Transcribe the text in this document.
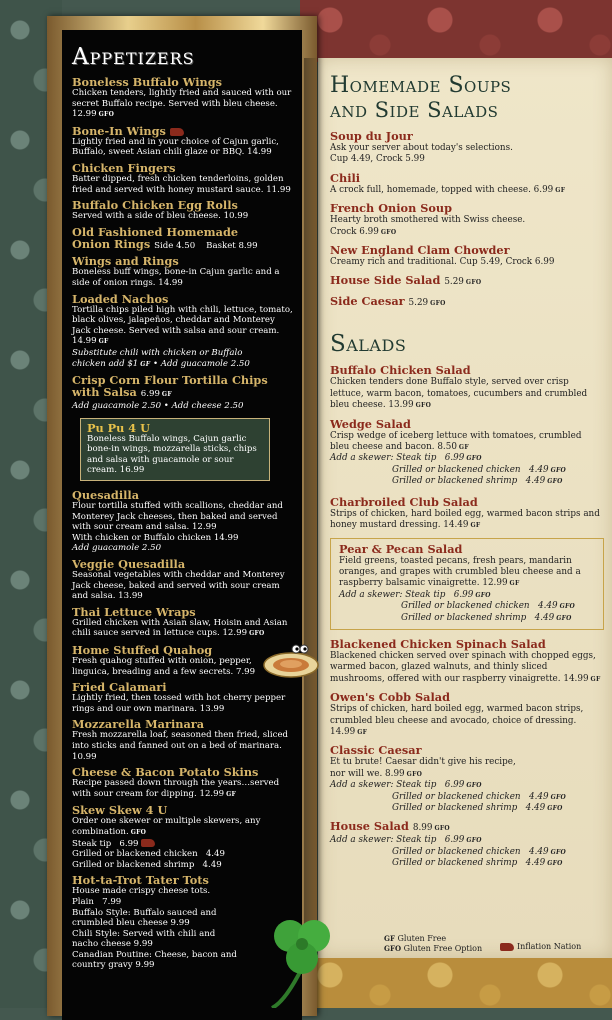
Appetizers
Boneless Buffalo Wings
Chicken tenders, lightly fried and sauced with our secret Buffalo recipe. Served with bleu cheese. 12.99 GFO
Bone-In Wings
Lightly fried and in your choice of Cajun garlic, Buffalo, sweet Asian chili glaze or BBQ. 14.99
Chicken Fingers
Batter dipped, fresh chicken tenderloins, golden fried and served with honey mustard sauce. 11.99
Buffalo Chicken Egg Rolls
Served with a side of bleu cheese. 10.99
Old Fashioned Homemade
Onion Rings Side 4.50    Basket 8.99
Wings and Rings
Boneless buff wings, bone-in Cajun garlic and a side of onion rings. 14.99
Loaded Nachos
Tortilla chips piled high with chili, lettuce, tomato, black olives, jalapeños, cheddar and Monterey Jack cheese. Served with salsa and sour cream. 14.99 GF
Substitute chili with chicken or Buffalo
chicken add $1 GF • Add guacamole 2.50
Crisp Corn Flour Tortilla Chips
with Salsa 6.99 GF
Add guacamole 2.50 • Add cheese 2.50
Pu Pu 4 U
Boneless Buffalo wings, Cajun garlic bone-in wings, mozzarella sticks, chips and salsa with guacamole or sour cream. 16.99
Quesadilla
Flour tortilla stuffed with scallions, cheddar and Monterey Jack cheeses, then baked and served with sour cream and salsa. 12.99
With chicken or Buffalo chicken 14.99
Add guacamole 2.50
Veggie Quesadilla
Seasonal vegetables with cheddar and Monterey Jack cheese, baked and served with sour cream and salsa. 13.99
Thai Lettuce Wraps
Grilled chicken with Asian slaw, Hoisin and Asian chili sauce served in lettuce cups. 12.99 GFO
Home Stuffed Quahog
Fresh quahog stuffed with onion, pepper, linguica, breading and a few secrets. 7.99
Fried Calamari
Lightly fried, then tossed with hot cherry pepper rings and our own marinara. 13.99
Mozzarella Marinara
Fresh mozzarella loaf, seasoned then fried, sliced into sticks and fanned out on a bed of marinara. 10.99
Cheese & Bacon Potato Skins
Recipe passed down through the years…served with sour cream for dipping. 12.99 GF
Skew Skew 4 U
Order one skewer or multiple skewers, any combination. GFO
Steak tip   6.99
Grilled or blackened chicken   4.49
Grilled or blackened shrimp   4.49
Hot-ta-Trot Tater Tots
House made crispy cheese tots.
Plain   7.99
Buffalo Style: Buffalo sauced and crumbled bleu cheese 9.99
Chili Style: Served with chili and nacho cheese 9.99
Canadian Poutine: Cheese, bacon and country gravy 9.99
Homemade Soups
and Side Salads
Soup du Jour
Ask your server about today's selections.
Cup 4.49, Crock 5.99
Chili
A crock full, homemade, topped with cheese. 6.99 GF
French Onion Soup
Hearty broth smothered with Swiss cheese.
Crock 6.99 GFO
New England Clam Chowder
Creamy rich and traditional. Cup 5.49, Crock 6.99
House Side Salad 5.29 GFO
Side Caesar 5.29 GFO
Salads
Buffalo Chicken Salad
Chicken tenders done Buffalo style, served over crisp lettuce, warm bacon, tomatoes, cucumbers and crumbled bleu cheese. 13.99 GFO
Wedge Salad
Crisp wedge of iceberg lettuce with tomatoes, crumbled bleu cheese and bacon. 8.50 GF
Add a skewer: Steak tip   6.99 GFO
Grilled or blackened chicken   4.49 GFO
Grilled or blackened shrimp   4.49 GFO
Charbroiled Club Salad
Strips of chicken, hard boiled egg, warmed bacon strips and honey mustard dressing. 14.49 GF
Pear & Pecan Salad
Field greens, toasted pecans, fresh pears, mandarin oranges, and grapes with crumbled bleu cheese and a raspberry balsamic vinaigrette. 12.99 GF
Add a skewer: Steak tip   6.99 GFO
Grilled or blackened chicken   4.49 GFO
Grilled or blackened shrimp   4.49 GFO
Blackened Chicken Spinach Salad
Blackened chicken served over spinach with chopped eggs, warmed bacon, glazed walnuts, and thinly sliced mushrooms, offered with our raspberry vinaigrette. 14.99 GF
Owen's Cobb Salad
Strips of chicken, hard boiled egg, warmed bacon strips, crumbled bleu cheese and avocado, choice of dressing. 14.99 GF
Classic Caesar
Et tu brute! Caesar didn't give his recipe, nor will we. 8.99 GFO
Add a skewer: Steak tip   6.99 GFO
Grilled or blackened chicken   4.49 GFO
Grilled or blackened shrimp   4.49 GFO
House Salad 8.99 GFO
Add a skewer: Steak tip   6.99 GFO
Grilled or blackened chicken   4.49 GFO
Grilled or blackened shrimp   4.49 GFO
GF Gluten Free
GFO Gluten Free Option	Inflation Nation
